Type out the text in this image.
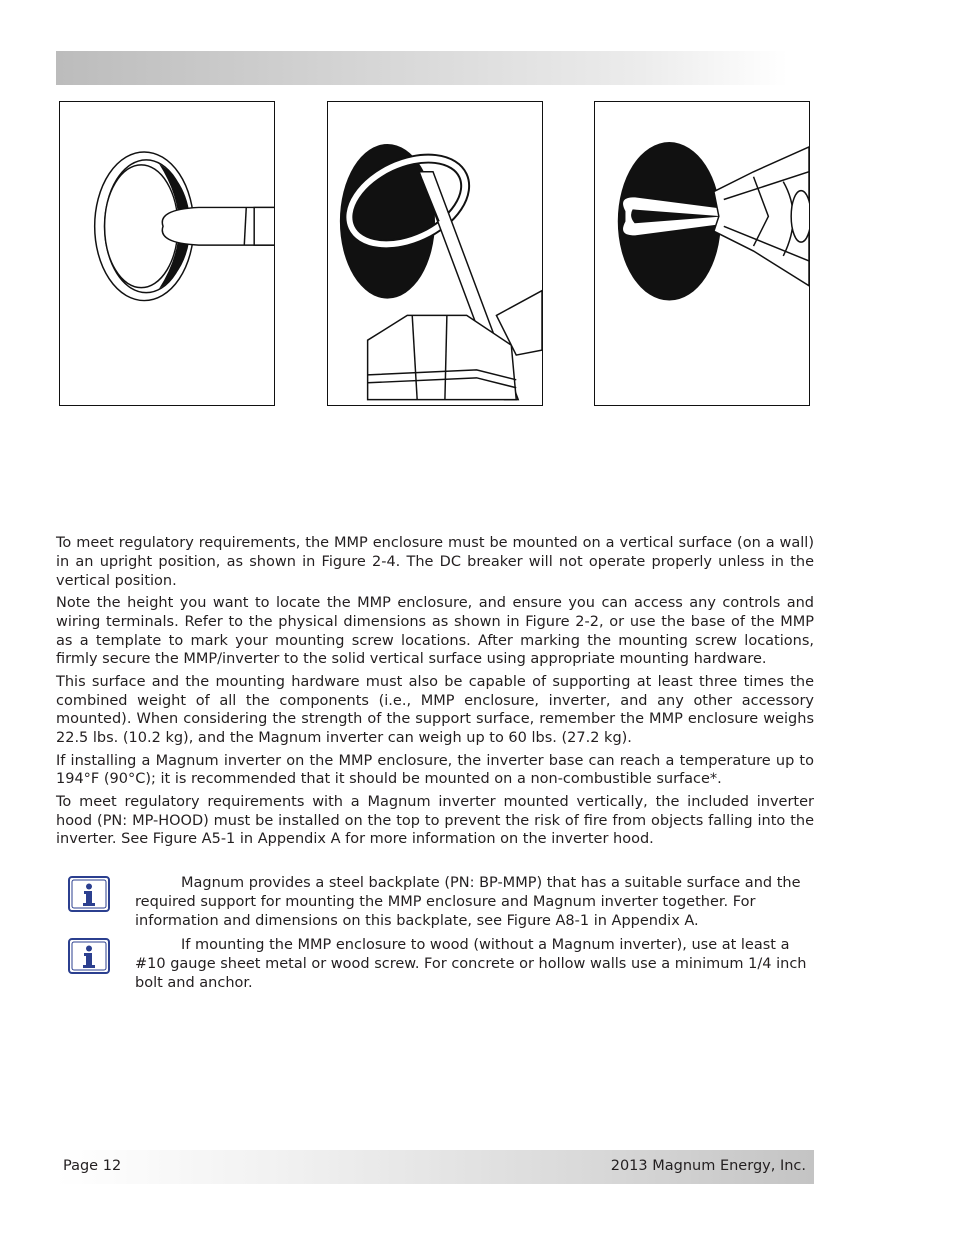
To meet regulatory requirements, the MMP enclosure must be mounted on a vertical surface (on a wall) in an upright position, as shown in Figure 2-4. The DC breaker will not operate properly unless in the vertical position.

Note the height you want to locate the MMP enclosure, and ensure you can access any controls and wiring terminals. Refer to the physical dimensions as shown in Figure 2-2, or use the base of the MMP as a template to mark your mounting screw locations. After marking the mounting screw locations, firmly secure the MMP/inverter to the solid vertical surface using appropriate mounting hardware.

This surface and the mounting hardware must also be capable of supporting at least three times the combined weight of all the components (i.e., MMP enclosure, inverter, and any other accessory mounted). When considering the strength of the support surface, remember the MMP enclosure weighs 22.5 lbs. (10.2 kg), and the Magnum inverter can weigh up to 60 lbs. (27.2 kg).

If installing a Magnum inverter on the MMP enclosure, the inverter base can reach a temperature up to 194°F (90°C); it is recommended that it should be mounted on a non-combustible surface*.

To meet regulatory requirements with a Magnum inverter mounted vertically, the included inverter hood (PN: MP-HOOD) must be installed on the top to prevent the risk of fire from objects falling into the inverter. See Figure A5-1 in Appendix A for more information on the inverter hood.

Magnum provides a steel backplate (PN: BP-MMP) that has a suitable surface and the required support for mounting the MMP enclosure and Magnum inverter together. For information and dimensions on this backplate, see Figure A8-1 in Appendix A.
If mounting the MMP enclosure to wood (without a Magnum inverter), use at least a #10 gauge sheet metal or wood screw. For concrete or hollow walls use a minimum 1/4 inch bolt and anchor.
Page 12	2013 Magnum Energy, Inc.
